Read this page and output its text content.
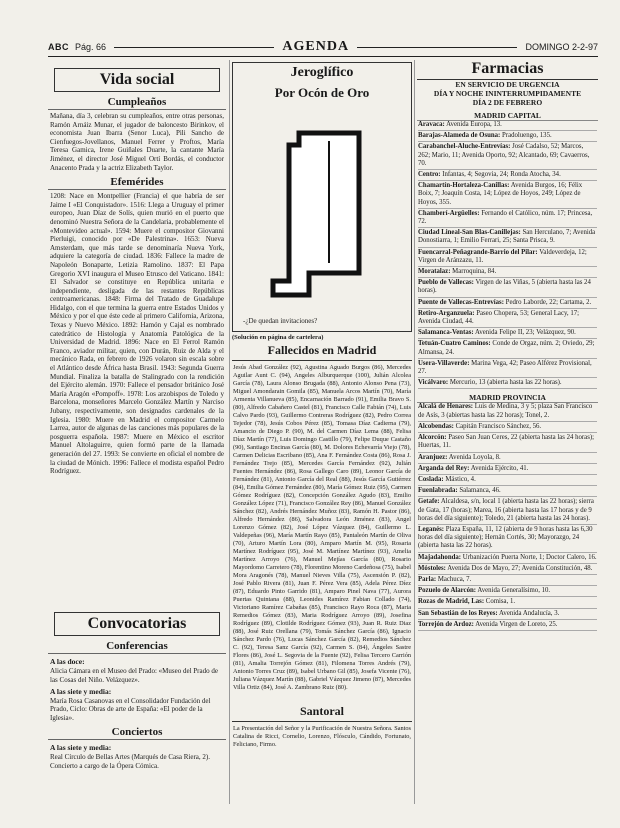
ABC Pág. 66	AGENDA	DOMINGO 2-2-97
Vida social
Cumpleaños

Mañana, día 3, celebran su cumpleaños, entre otras personas, Ramón Arnáiz Munar, el jugador de baloncesto Birinkov, el economista Juan Ibarra (Senor Luca), Pili Sancho de Cienfuegos-Jovellanos, Manuel Ferrer y Proftos, María Teresa Gamica, Irene Guiñales Duarte, la cantante María Jiménez, el director José Miguel Ortí Bordás, el conductor Anacento Prada y la actriz Elizabeth Taylor.

Efemérides

1208: Nace en Montpellier (Francia) el que habría de ser Jaime I «El Conquistador». 1516: Llega a Uruguay el primer europeo, Juan Díaz de Solís, quien murió en el puerto que denominó Nuestra Señora de la Candelaria, probablemente el «Montevideo actual». 1594: Muere el compositor Giovanni Pierluigi, conocido por «De Palestrina». 1653: Nueva Amsterdam, que más tarde se denominaría Nueva York, adquiere la categoría de ciudad. 1836: Fallece la madre de Napoleón Bonaparte, Letizia Ramolino. 1837: El Papa Gregorio XVI inaugura el Museo Etrusco del Vaticano. 1841: El Salvador se constituye en República unitaria e independiente, desligada de las restantes Repúblicas centroamericanas. 1848: Firma del Tratado de Guadalupe Hidalgo, con el que termina la guerra entre Estados Unidos y México y por el que éste cede al primero California, Arizona, Texas y Nuevo México. 1892: Hamón y Cajal es nombrado catedrático de Histología y Anatomía Patológica de la Universidad de Madrid. 1896: Nace en El Ferrol Ramón Franco, aviador militar, quien, con Durán, Ruiz de Alda y el mecánico Rada, en febrero de 1926 volaron sin escala sobre el Atlántico desde África hasta Brasil. 1943: Segunda Guerra Mundial. Finaliza la batalla de Stalingrado con la rendición del Ejército alemán. 1970: Fallece el pensador británico José María Aragón «Pompoff». 1978: Los arzobispos de Toledo y Barcelona, monseñores Marcelo González Martín y Narciso Jubany, respectivamente, son designados cardenales de la Iglesia. 1980: Muere en Madrid el compositor Carmelo Larrea, autor de algunas de las canciones más populares de la posguerra española. 1987: Muere en México el escritor Manuel Altolaguirre, quien formó parte de la llamada generación del 27. 1993: Se convierte en oficial el nombre de la ciudad de Mónich. 1996: Fallece el modista español Pedro Rodríguez.

Convocatorias
Conferencias
A las doce:
Alicia Cámara en el Museo del Prado: «Museo del Prado de las Cosas del Niño. Velázquez».
A las siete y media:
María Rosa Casanovas en el Consolidador Fundación del Prado, Ciclo: Obras de arte de España: «El poder de la Iglesia».
Conciertos
A las siete y media:
Real Círculo de Bellas Artes (Marqués de Casa Riera, 2). Concierto a cargo de la Ópera Cómica.
Jeroglífico
Por Ocón de Oro
-¿De quedan invitaciones?
(Solución en página de cartelera)
Fallecidos en Madrid

Jesús Abad González (92), Agustina Aguado Burgos (86), Mercedes Aguilar Aunt C. (94), Angeles Alburquerque (100), Julián Alcolea García (78), Laura Alonso Brugada (88), Antonio Alonso Pena (73), Miguel Amondarain Gomila (85), Manuela Arcos Martín (70), María Armenta Villanueva (85), Encarnación Barrado (91), Emilia Bravo S. (80), Alfredo Cabañero Castel (81), Francisco Calle Fabián (74), Luis Calvo Pardo (93), Guillermo Contreras Rodríguez (82), Pedro Correa Tejedor (78), Jesús Cobos Pérez (85), Tomasa Díaz Cadierna (79), Amancio de Diego P. (90), M. del Carmen Díaz Lema (88), Felisa Díaz Martín (77), Luis Domingo Castillo (79), Felipe Duque Castaño (90), Santiago Encinas García (80), M. Dolores Echevarría Viejo (78), Carmen Delicias Escribano (85), Ana F. Fernández Costa (86), Rosa J. Fernández Trejo (85), Mercedes García Fernández (92), Julián Fuentes Hernández (86), Rosa Gallego Caro (89), Leonor García de Fernández (81), Antonio García del Real (88), Jesús García Gutiérrez (84), Emilia Gómez Fernández (80), María Gómez Ruiz (95), Carmen Gómez Rodríguez (82), Concepción González Agudo (83), Emilio González López (71), Francisco González Rey (86), Manuel González Sánchez (82), Andrés Hernández Muñoz (83), Ramón H. Pastor (86), Alfredo Hernández (86), Salvadora León Jiménez (83), Angel Lorenzo Gómez (82), José López Vázquez (84), Guillermo L. Valdepeñas (96), María Martín Rayo (85), Pantaleón Martín de Oliva (70), Arturo Martín Lora (80), Amparo Martín M. (95), Rosaria Martínez Rodríguez (95), José M. Martínez Martínez (93), Amelia Martínez Arroyo (76), Manuel Mejías García (80), Rosario Mayordomo Carretero (78), Florentino Moreno Cardeñosa (75), Isabel Mora Aragonés (78), Manuel Nieves Villa (75), Ascensión P. (82), José Pablo Rivera (81), Juan F. Pérez Vera (85), Adela Pérez Díez (87), Eduardo Pinto Garrido (81), Amparo Pinel Nava (77), Aurora Puertas Quintana (88), Leonides Ramírez Fabian Collado (74), Victoriano Ramírez Cabañas (85), Francisco Rayo Roca (87), Maria Remedios Gómez (83), Maria Rodríguez Arroyo (89), Josefina Rodríguez (89), Clotilde Rodríguez Gómez (93), Juan R. Ruiz Diaz (88), José Ruiz Orellana (79), Tomás Sánchez García (86), Ignacio Sánchez Pardo (76), Lucas Sánchez García (82), Remedios Sánchez C. (92), Teresa Sanz García (92), Carmen S. (84), Ángeles Sastre Flores (86), José L. Segovia de la Fuente (92), Felisa Tercero Carrión (81), Amalia Torrejón Gómez (81), Filomena Torres Andrés (79), Antonio Torres Cruz (89), Isabel Urbano Gil (85), Josefa Vicente (76), Juliana Vázquez Martín (88), Gabriel Vázquez Jimeno (87), Mercedes Villa Ortiz (84), José A. Zambrano Ruiz (80).

Santoral

La Presentación del Señor y la Purificación de Nuestra Señora. Santos Catalina de Ricci, Cornelio, Lorenzo, Flósculo, Cándido, Fortunato, Feliciano, Firmo.

Farmacias
EN SERVICIO DE URGENCIA
DÍA Y NOCHE ININTERRUMPIDAMENTE
DÍA 2 DE FEBRERO
MADRID CAPITAL
Aravaca: Avenida Europa, 13.
Barajas-Alameda de Osuna: Pradoluengo, 135.
Carabanchel-Aluche-Entrevías: José Cadalso, 52; Marcos, 262; Mario, 11; Avenida Oporto, 92; Alcantado, 69; Cavaerros, 70.
Centro: Infantas, 4; Segovia, 24; Ronda Atocha, 34.
Chamartín-Hortaleza-Canillas: Avenida Burgos, 16; Félix Boix, 7; Joaquín Costa, 14; López de Hoyos, 249; López de Hoyos, 355.
Chamberí-Argüelles: Fernando el Católico, núm. 17; Princesa, 72.
Ciudad Lineal-San Blas-Canillejas: San Herculano, 7; Avenida Donostiarra, 1; Emilio Ferrari, 25; Santa Prisca, 9.
Fuencarral-Peñagrande-Barrio del Pilar: Valdeverdeja, 12; Virgen de Aránzazu, 11.
Moratalaz: Marroquina, 84.
Pueblo de Vallecas: Virgen de las Viñas, 5 (abierta hasta las 24 horas).
Puente de Vallecas-Entrevías: Pedro Laborde, 22; Cartama, 2.
Retiro-Arganzuela: Paseo Chopera, 53; General Lacy, 17; Avenida Ciudad, 44.
Salamanca-Ventas: Avenida Felipe II, 23; Velázquez, 90.
Tetuán-Cuatro Caminos: Conde de Orgaz, núm. 2; Oviedo, 29; Almansa, 24.
Usera-Villaverde: Marina Vega, 42; Paseo Alférez Provisional, 27.
Vicálvaro: Mercurio, 13 (abierta hasta las 22 horas).
MADRID PROVINCIA
Alcalá de Henares: Luis de Medina, 3 y 5; plaza San Francisco de Asís, 3 (abiertas hasta las 22 horas); Tonel, 2.
Alcobendas: Capitán Francisco Sánchez, 56.
Alcorcón: Paseo San Juan Ceres, 22 (abierta hasta las 24 horas); Huertas, 11.
Aranjuez: Avenida Loyola, 8.
Arganda del Rey: Avenida Ejército, 41.
Coslada: Mástico, 4.
Fuenlabrada: Salamanca, 46.
Getafe: Alcaldesa, s/n, local 1 (abierta hasta las 22 horas); sierra de Gata, 17 (horas); Marea, 16 (abierta hasta las 17 horas y de 9 horas del día siguiente); Toledo, 21 (abierta hasta las 24 horas).
Leganés: Plaza España, 11, 12 (abierta de 9 horas hasta las 6,30 horas del día siguiente); Hernán Cortés, 30; Mayorazgo, 24 (abierta hasta las 22 horas).
Majadahonda: Urbanización Puerta Norte, 1; Doctor Calero, 16.
Móstoles: Avenida Dos de Mayo, 27; Avenida Constitución, 48.
Parla: Machuca, 7.
Pozuelo de Alarcón: Avenida Generalísimo, 10.
Rozas de Madrid, Las: Comisa, 1.
San Sebastián de los Reyes: Avenida Andalucía, 3.
Torrejón de Ardoz: Avenida Virgen de Loreto, 25.
